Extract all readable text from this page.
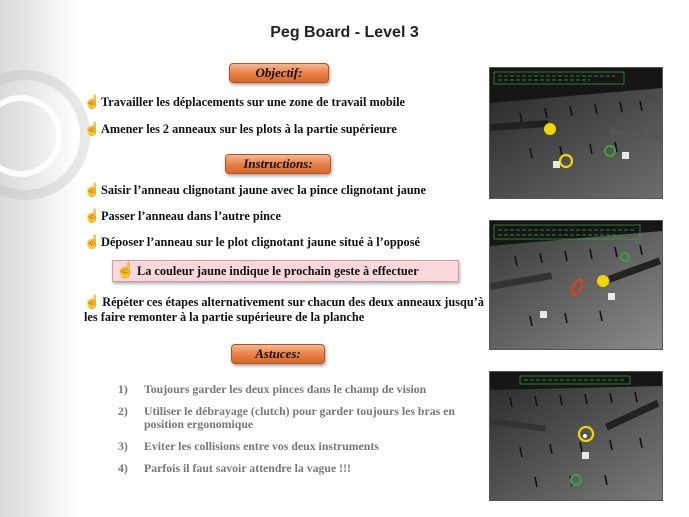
Peg Board - Level 3
Objectif:
☝Travailler les déplacements sur une zone de travail mobile
☝Amener les 2 anneaux sur les plots à la partie supérieure
Instructions:
☝Saisir l’anneau clignotant jaune avec la pince clignotant jaune
☝Passer l’anneau dans l’autre pince
☝Déposer l’anneau sur le plot clignotant jaune situé à l’opposé
☝ La couleur jaune indique le prochain geste à effectuer
☝ Répéter ces étapes alternativement sur chacun des deux anneaux jusqu’à les faire remonter à la partie supérieure de la planche
Astuces:
1) Toujours garder les deux pinces dans le champ de vision
2) Utiliser le débrayage (clutch) pour garder toujours les bras en position ergonomique
3) Eviter les collisions entre vos deux instruments
4) Parfois il faut savoir attendre la vague !!!
